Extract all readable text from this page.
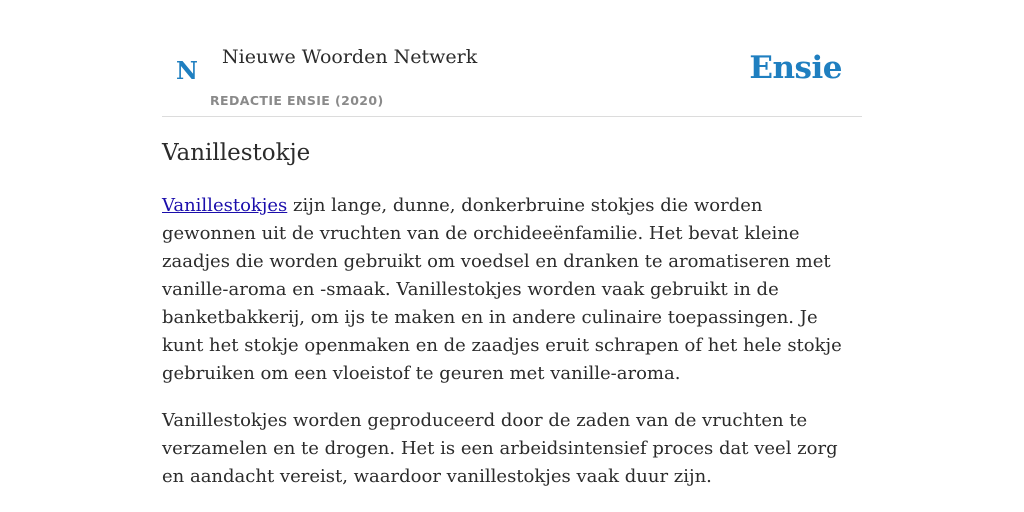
N Nieuwe Woorden Netwerk
REDACTIE ENSIE (2020)
Ensie
Vanillestokje

Vanillestokjes zijn lange, dunne, donkerbruine stokjes die worden gewonnen uit de vruchten van de orchideeënfamilie. Het bevat kleine zaadjes die worden gebruikt om voedsel en dranken te aromatiseren met vanille-aroma en -smaak. Vanillestokjes worden vaak gebruikt in de banketbakkerij, om ijs te maken en in andere culinaire toepassingen. Je kunt het stokje openmaken en de zaadjes eruit schrapen of het hele stokje gebruiken om een vloeistof te geuren met vanille-aroma.

Vanillestokjes worden geproduceerd door de zaden van de vruchten te verzamelen en te drogen. Het is een arbeidsintensief proces dat veel zorg en aandacht vereist, waardoor vanillestokjes vaak duur zijn.
